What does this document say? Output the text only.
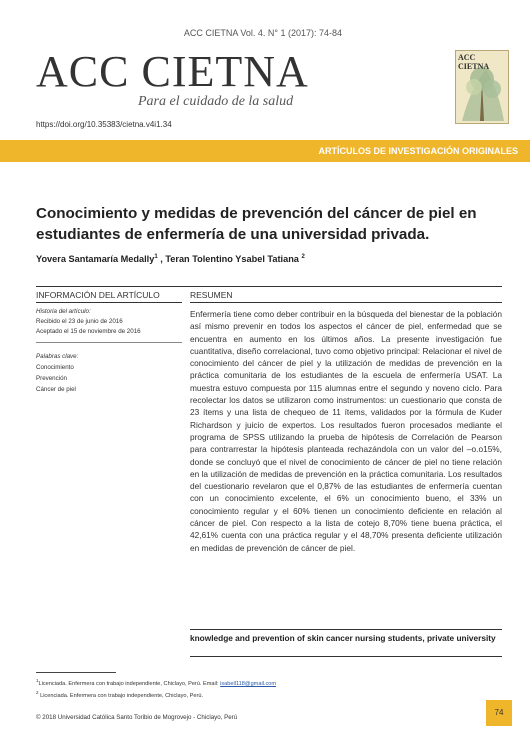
ACC CIETNA Vol. 4. N° 1 (2017): 74-84
ACC CIETNA
Para el cuidado de la salud
ACC CIETNA
https://doi.org/10.35383/cietna.v4i1.34
ARTÍCULOS DE INVESTIGACIÓN ORIGINALES
Conocimiento y medidas de prevención del cáncer de piel en estudiantes de enfermería de una universidad privada.
Yovera Santamaría Medally$^1$ , Teran Tolentino Ysabel Tatiana $^2$
INFORMACIÓN DEL ARTÍCULO	RESUMEN
Historia del artículo:
Recibido el 23 de junio de 2016
Aceptado el 15 de noviembre de 2016
Palabras clave:
Conocimiento
Prevención
Cáncer de piel

Enfermería tiene como deber contribuir en la búsqueda del bienestar de la población así mismo prevenir en todos los aspectos el cáncer de piel, enfermedad que se encuentra en aumento en los últimos años. La presente investigación fue cuantitativa, diseño correlacional, tuvo como objetivo principal: Relacionar el nivel de conocimiento del cáncer de piel y la utilización de medidas de prevención en la práctica comunitaria de los estudiantes de la escuela de enfermería USAT. La muestra estuvo compuesta por 115 alumnas entre el segundo y noveno ciclo. Para recolectar los datos se utilizaron como instrumentos: un cuestionario que consta de 23 ítems y una lista de chequeo de 11 ítems, validados por la fórmula de Kuder Richardson y juicio de expertos. Los resultados fueron procesados mediante el programa de SPSS utilizando la prueba de hipótesis de Correlación de Pearson para contrarrestar la hipótesis planteada rechazándola con un valor del –o.o15%, donde se concluyó que el nivel de conocimiento de cáncer de piel no tiene relación en la utilización de medidas de prevención en la práctica comunitaria. Los resultados del cuestionario revelaron que el 0,87% de las estudiantes de enfermería cuentan con un conocimiento excelente, el 6% un conocimiento bueno, el 33% un conocimiento regular y el 60% tienen un conocimiento deficiente en relación al cáncer de piel. Con respecto a la lista de cotejo 8,70% tiene buena práctica, el 42,61% cuenta con una práctica regular y el 48,70% presenta deficiente utilización en medidas de prevención de cáncer de piel.

knowledge and prevention of skin cancer nursing students, private university
$^1$Licenciada. Enfermera con trabajo independiente, Chiclayo, Perú. Email: isabell118@gmail.com
$^2$ Licenciada. Enfermera con trabajo independiente, Chiclayo, Perú.
© 2018 Universidad Católica Santo Toribio de Mogrovejo - Chiclayo, Perú
74
